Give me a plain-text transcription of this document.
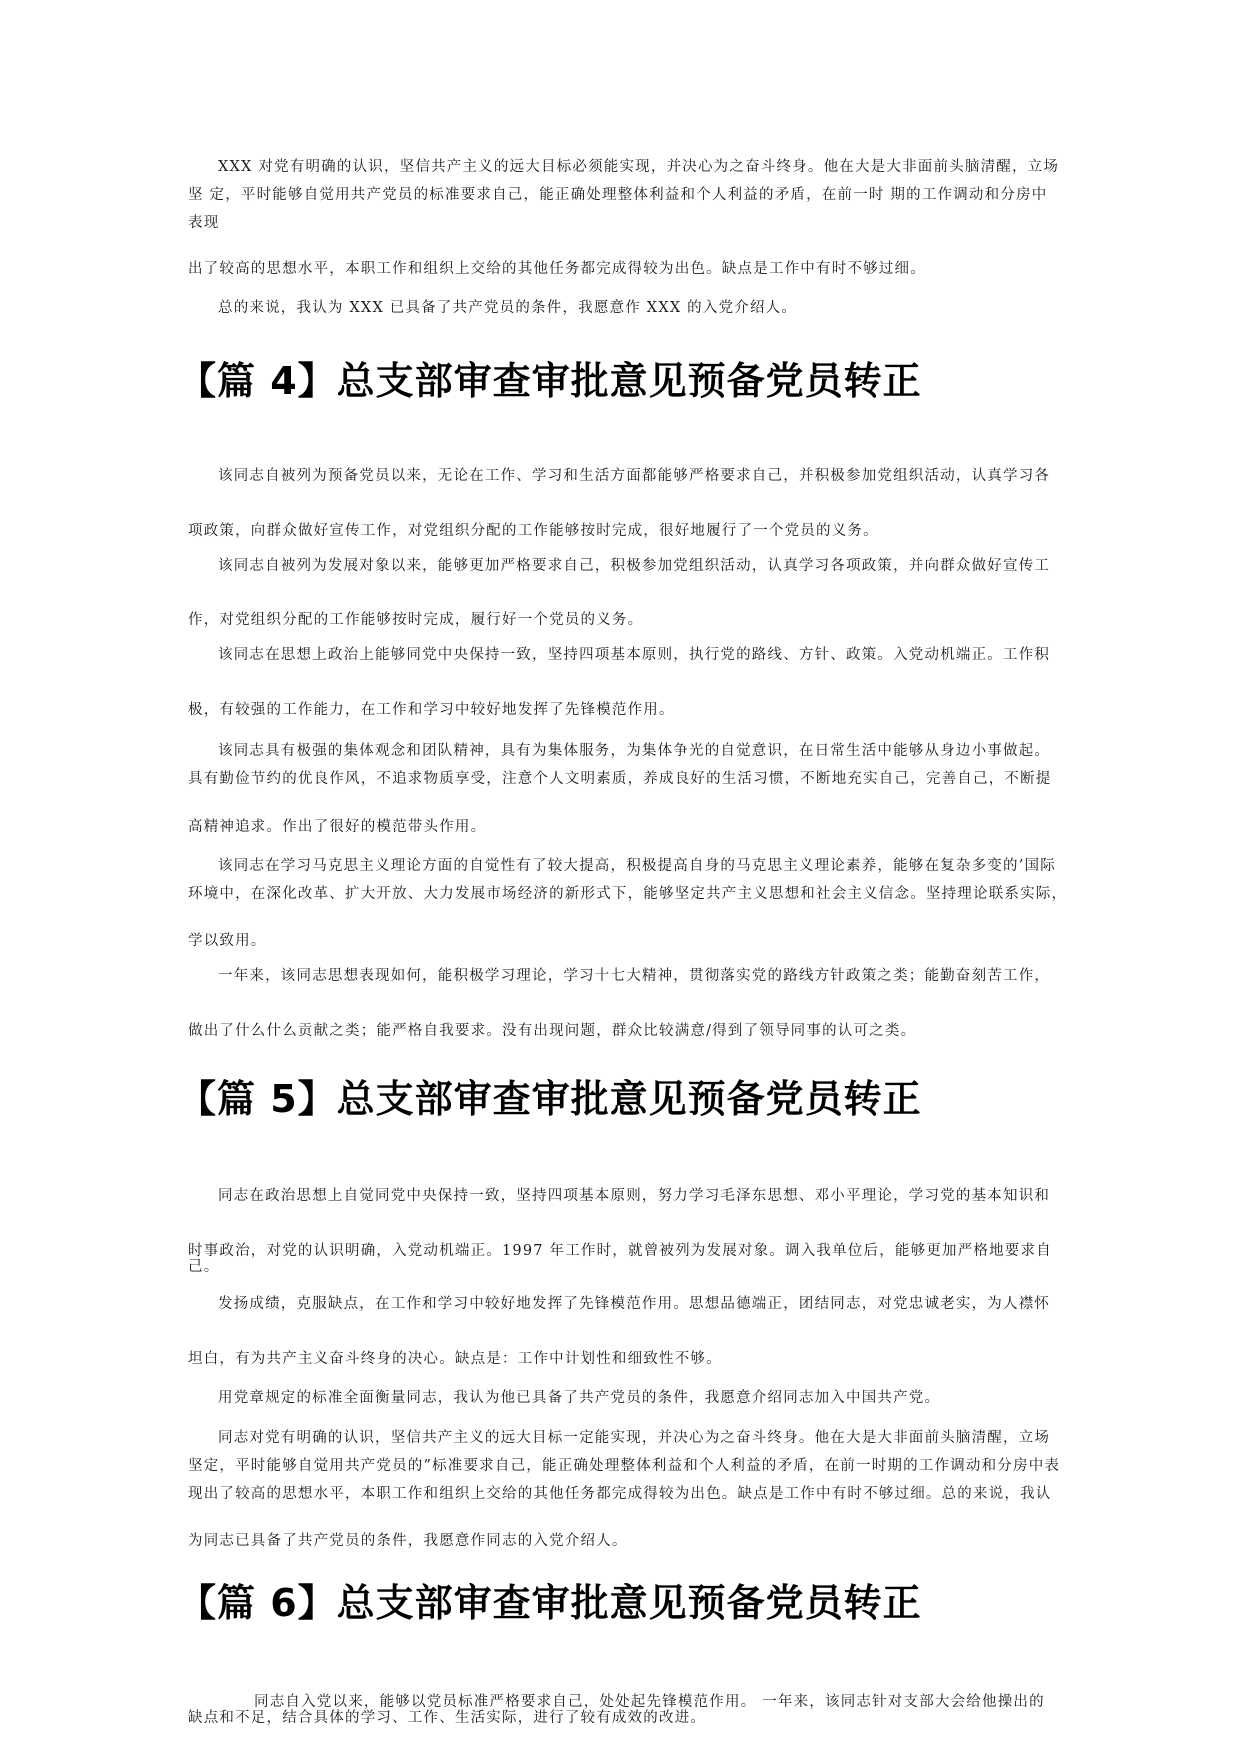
XXX 对党有明确的认识，坚信共产主义的远大目标必须能实现，并决心为之奋斗终身。他在大是大非面前头脑清醒，立场

坚 定，平时能够自觉用共产党员的标准要求自己，能正确处理整体利益和个人利益的矛盾，在前一时 期的工作调动和分房中

表现

出了较高的思想水平，本职工作和组织上交给的其他任务都完成得较为出色。缺点是工作中有时不够过细。

总的来说，我认为 XXX 已具备了共产党员的条件，我愿意作 XXX 的入党介绍人。

【篇 4】总支部审查审批意见预备党员转正

该同志自被列为预备党员以来，无论在工作、学习和生活方面都能够严格要求自己，并积极参加党组织活动，认真学习各

项政策，向群众做好宣传工作，对党组织分配的工作能够按时完成，很好地履行了一个党员的义务。

该同志自被列为发展对象以来，能够更加严格要求自己，积极参加党组织活动，认真学习各项政策，并向群众做好宣传工

作，对党组织分配的工作能够按时完成，履行好一个党员的义务。

该同志在思想上政治上能够同党中央保持一致，坚持四项基本原则，执行党的路线、方针、政策。入党动机端正。工作积

极，有较强的工作能力，在工作和学习中较好地发挥了先锋模范作用。

该同志具有极强的集体观念和团队精神，具有为集体服务，为集体争光的自觉意识，在日常生活中能够从身边小事做起。

具有勤俭节约的优良作风，不追求物质享受，注意个人文明素质，养成良好的生活习惯，不断地充实自己，完善自己，不断提

高精神追求。作出了很好的模范带头作用。

该同志在学习马克思主义理论方面的自觉性有了较大提高，积极提高自身的马克思主义理论素养，能够在复杂多变的’国际

环境中，在深化改革、扩大开放、大力发展市场经济的新形式下，能够坚定共产主义思想和社会主义信念。坚持理论联系实际，

学以致用。

一年来，该同志思想表现如何，能积极学习理论，学习十七大精神，贯彻落实党的路线方针政策之类；能勤奋刻苦工作，

做出了什么什么贡献之类；能严格自我要求。没有出现问题，群众比较满意/得到了领导同事的认可之类。

【篇 5】总支部审查审批意见预备党员转正

同志在政治思想上自觉同党中央保持一致，坚持四项基本原则，努力学习毛泽东思想、邓小平理论，学习党的基本知识和

时事政治，对党的认识明确，入党动机端正。1997 年工作时，就曾被列为发展对象。调入我单位后，能够更加严格地要求自己。

发扬成绩，克服缺点，在工作和学习中较好地发挥了先锋模范作用。思想品德端正，团结同志，对党忠诚老实，为人襟怀

坦白，有为共产主义奋斗终身的决心。缺点是：工作中计划性和细致性不够。

用党章规定的标准全面衡量同志，我认为他已具备了共产党员的条件，我愿意介绍同志加入中国共产党。

同志对党有明确的认识，坚信共产主义的远大目标一定能实现，并决心为之奋斗终身。他在大是大非面前头脑清醒，立场

坚定，平时能够自觉用共产党员的”标准要求自己，能正确处理整体利益和个人利益的矛盾，在前一时期的工作调动和分房中表

现出了较高的思想水平，本职工作和组织上交给的其他任务都完成得较为出色。缺点是工作中有时不够过细。总的来说，我认

为同志已具备了共产党员的条件，我愿意作同志的入党介绍人。

【篇 6】总支部审查审批意见预备党员转正

同志自入党以来，能够以党员标准严格要求自己，处处起先锋模范作用。 一年来，该同志针对支部大会给他操出的缺点和不足，结合具体的学习、工作、生活实际，进行了较有成效的改进。
